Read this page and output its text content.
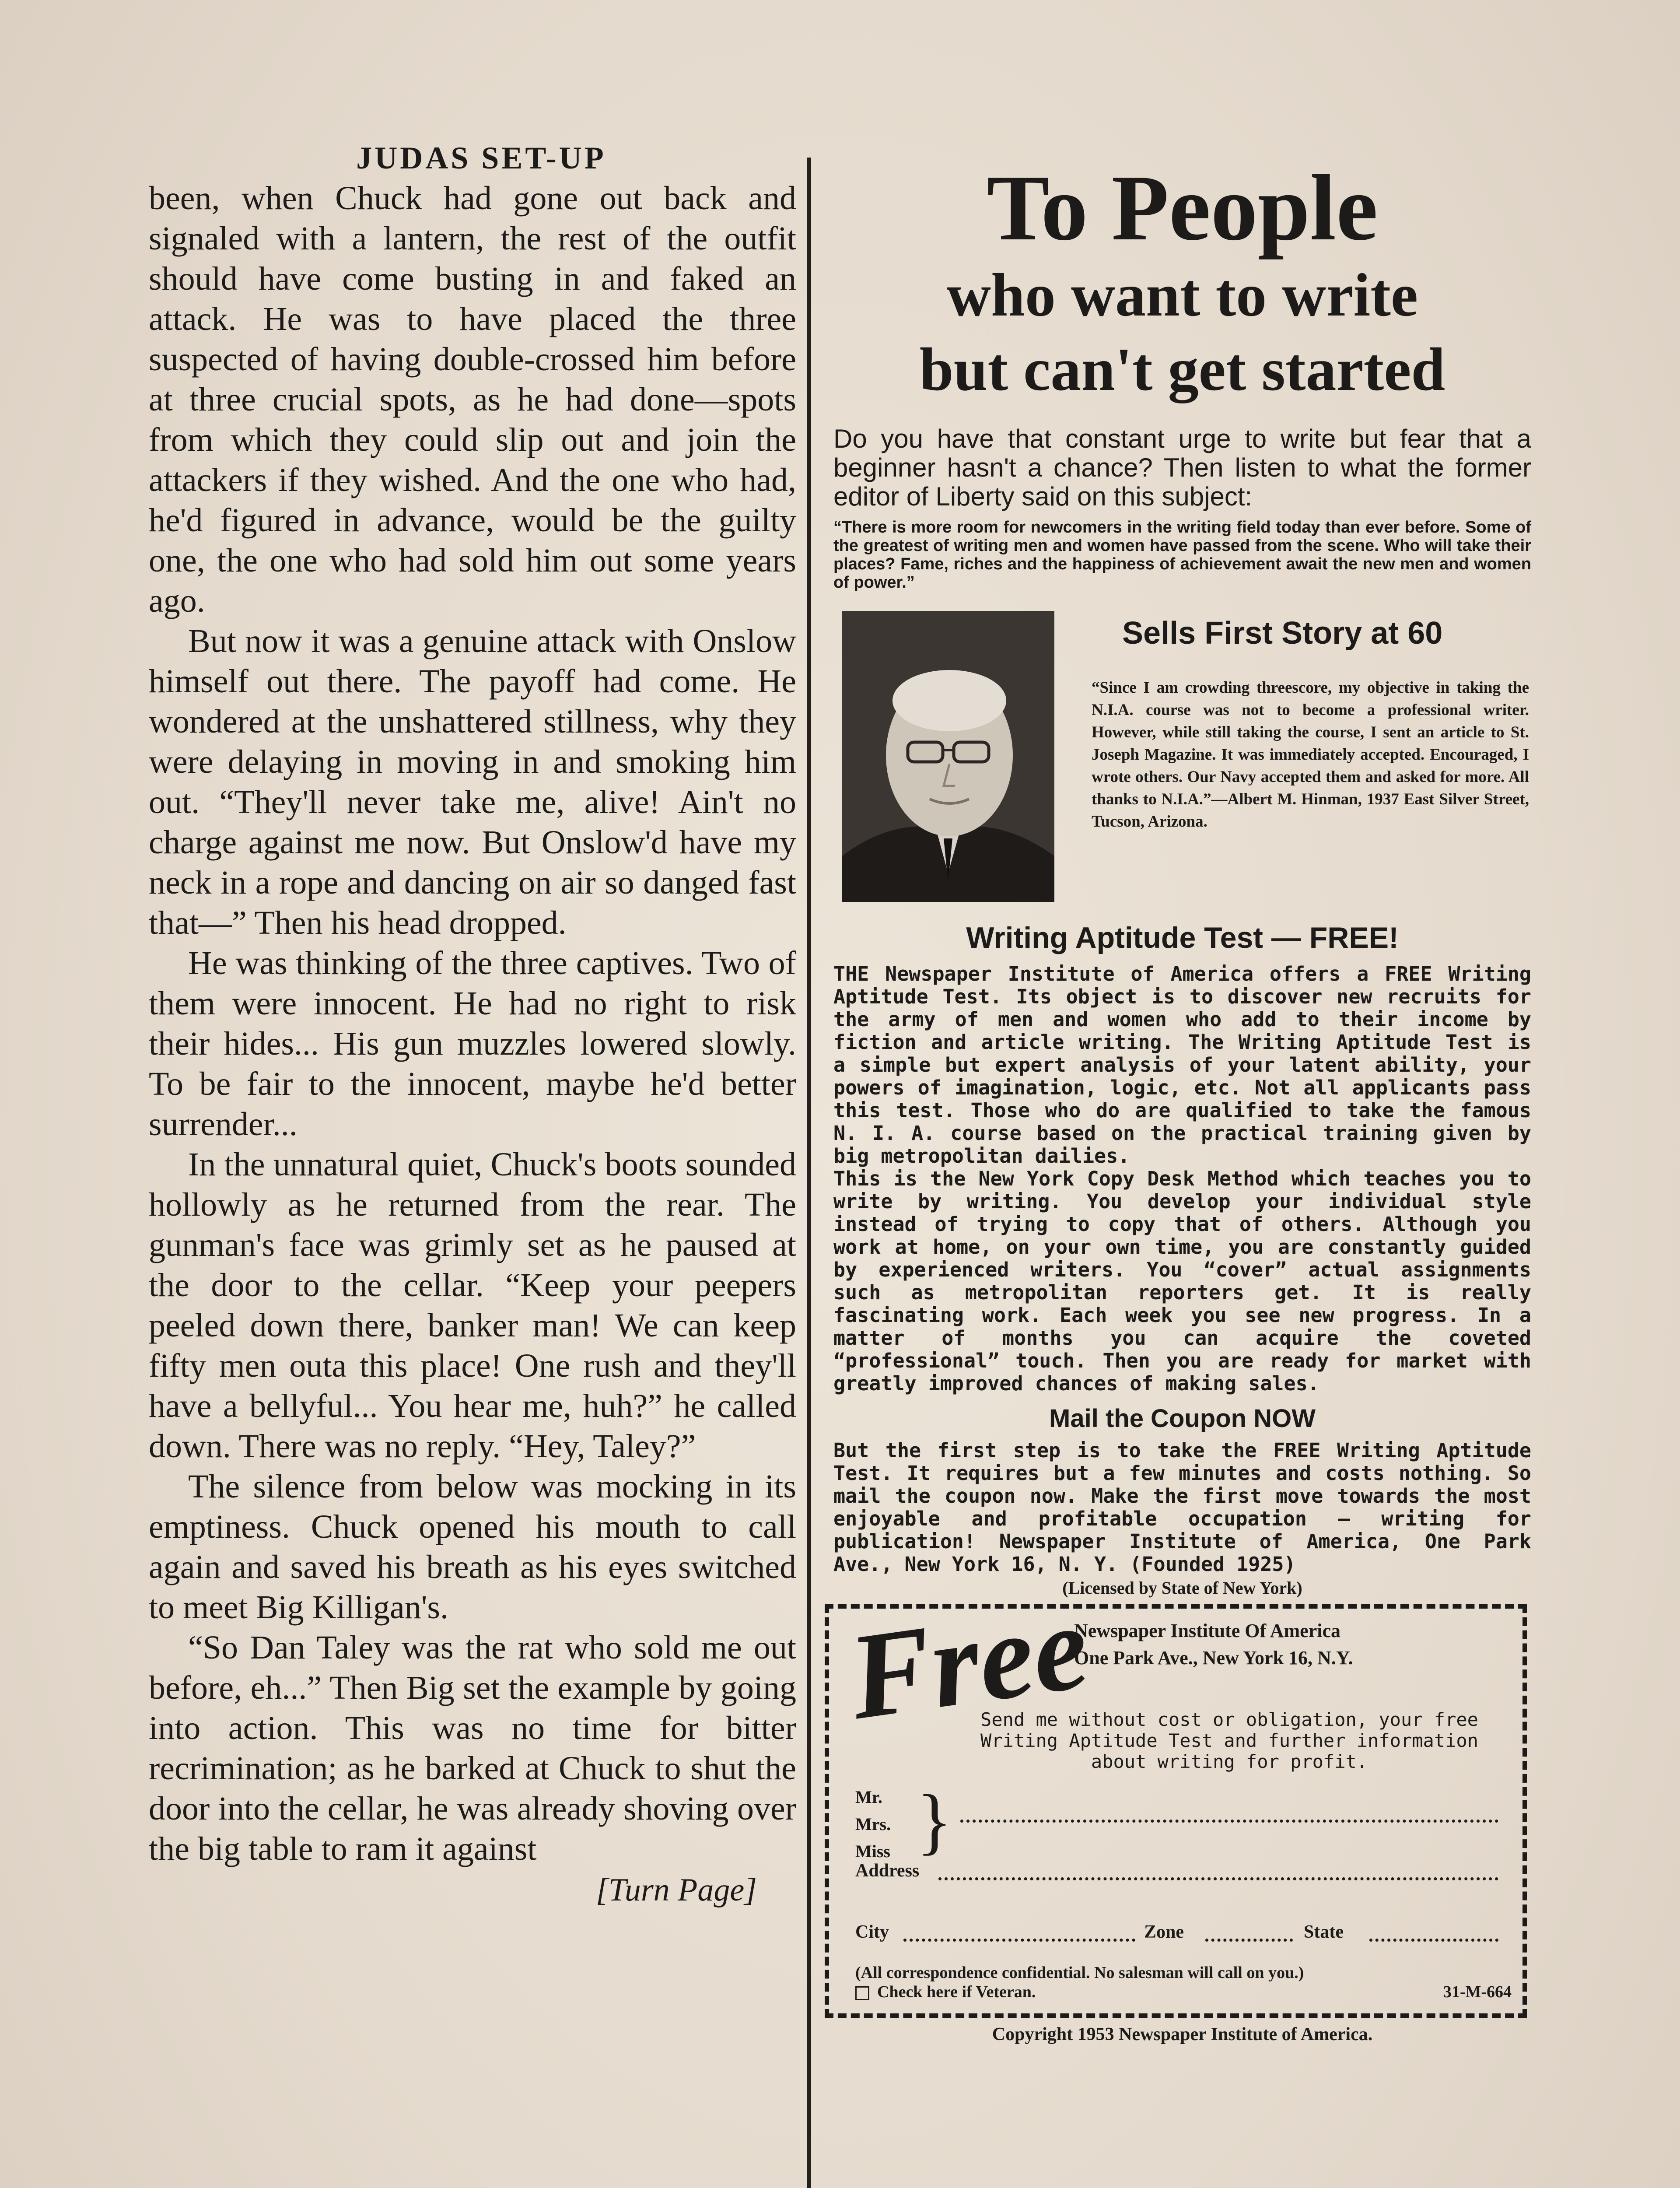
JUDAS SET-UP

been, when Chuck had gone out back and signaled with a lantern, the rest of the outfit should have come busting in and faked an attack. He was to have placed the three suspected of having double-crossed him before at three crucial spots, as he had done—spots from which they could slip out and join the attackers if they wished. And the one who had, he'd figured in advance, would be the guilty one, the one who had sold him out some years ago.

But now it was a genuine attack with Onslow himself out there. The payoff had come. He wondered at the unshattered stillness, why they were delaying in moving in and smoking him out. “They'll never take me, alive! Ain't no charge against me now. But Onslow'd have my neck in a rope and dancing on air so danged fast that—” Then his head dropped.

He was thinking of the three captives. Two of them were innocent. He had no right to risk their hides... His gun muzzles lowered slowly. To be fair to the innocent, maybe he'd better surrender...

In the unnatural quiet, Chuck's boots sounded hollowly as he returned from the rear. The gunman's face was grimly set as he paused at the door to the cellar. “Keep your peepers peeled down there, banker man! We can keep fifty men outa this place! One rush and they'll have a bellyful... You hear me, huh?” he called down. There was no reply. “Hey, Taley?”

The silence from below was mocking in its emptiness. Chuck opened his mouth to call again and saved his breath as his eyes switched to meet Big Killigan's.

“So Dan Taley was the rat who sold me out before, eh...” Then Big set the example by going into action. This was no time for bitter recrimination; as he barked at Chuck to shut the door into the cellar, he was already shoving over the big table to ram it against

[Turn Page]
To People
who want to write
but can't get started

Do you have that constant urge to write but fear that a beginner hasn't a chance? Then listen to what the former editor of Liberty said on this subject:

“There is more room for newcomers in the writing field today than ever before. Some of the greatest of writing men and women have passed from the scene. Who will take their places? Fame, riches and the happiness of achievement await the new men and women of power.”

Sells First Story at 60

“Since I am crowding threescore, my objective in taking the N.I.A. course was not to become a professional writer. However, while still taking the course, I sent an article to St. Joseph Magazine. It was immediately accepted. Encouraged, I wrote others. Our Navy accepted them and asked for more. All thanks to N.I.A.”—Albert M. Hinman, 1937 East Silver Street, Tucson, Arizona.

Writing Aptitude Test — FREE!

THE Newspaper Institute of America offers a FREE Writing Aptitude Test. Its object is to discover new recruits for the army of men and women who add to their income by fiction and article writing. The Writing Aptitude Test is a simple but expert analysis of your latent ability, your powers of imagination, logic, etc. Not all applicants pass this test. Those who do are qualified to take the famous N. I. A. course based on the practical training given by big metropolitan dailies.

This is the New York Copy Desk Method which teaches you to write by writing. You develop your individual style instead of trying to copy that of others. Although you work at home, on your own time, you are constantly guided by experienced writers. You “cover” actual assignments such as metropolitan reporters get. It is really fascinating work. Each week you see new progress. In a matter of months you can acquire the coveted “professional” touch. Then you are ready for market with greatly improved chances of making sales.

Mail the Coupon NOW

But the first step is to take the FREE Writing Aptitude Test. It requires but a few minutes and costs nothing. So mail the coupon now. Make the first move towards the most enjoyable and profitable occupation — writing for publication! Newspaper Institute of America, One Park Ave., New York 16, N. Y. (Founded 1925)

(Licensed by State of New York)
Free
Newspaper Institute Of America
One Park Ave., New York 16, N.Y.
Send me without cost or obligation, your free Writing Aptitude Test and further information about writing for profit.
Mr.
Mrs.
Miss }
Address
City	Zone	State
(All correspondence confidential. No salesman will call on you.)
Check here if Veteran.	31-M-664
Copyright 1953 Newspaper Institute of America.
